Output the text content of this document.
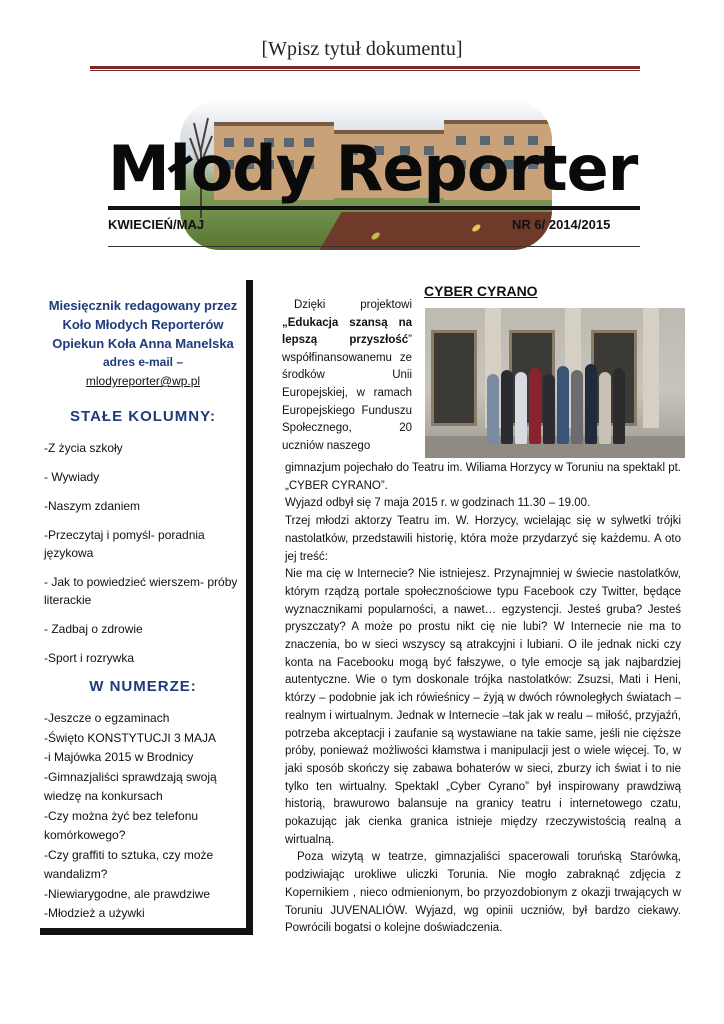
[Wpisz tytuł dokumentu]
Młody Reporter
KWIECIEŃ/MAJ	NR 6/ 2014/2015
Miesięcznik redagowany przez
Koło Młodych Reporterów
Opiekun Koła Anna Manelska
adres e-mail –
mlodyreporter@wp.pl
STAŁE KOLUMNY:
-Z życia szkoły
- Wywiady
-Naszym zdaniem
-Przeczytaj i pomyśl- poradnia językowa
- Jak to powiedzieć wierszem- próby literackie
- Zadbaj o zdrowie
-Sport i rozrywka
W NUMERZE:
-Jeszcze o egzaminach
-Święto KONSTYTUCJI 3 MAJA
-i Majówka 2015 w Brodnicy
-Gimnazjaliści sprawdzają swoją
wiedzę na konkursach
-Czy można żyć bez telefonu
komórkowego?
-Czy graffiti to sztuka, czy może
wandalizm?
-Niewiarygodne, ale prawdziwe
-Młodzież a używki
CYBER CYRANO

Dzięki projektowi „Edukacja szansą na lepszą przyszłość” współfinansowanemu ze środków Unii Europejskiej, w ramach Europejskiego Funduszu Społecznego, 20 uczniów naszego

gimnazjum pojechało do Teatru im. Wiliama Horzycy w Toruniu na spektakl pt. „CYBER CYRANO”.

Wyjazd odbył się 7 maja 2015 r. w godzinach 11.30 – 19.00.

Trzej młodzi aktorzy Teatru im. W. Horzycy, wcielając się w sylwetki trójki nastolatków, przedstawili historię, która może przydarzyć się każdemu. A oto jej treść:

Nie ma cię w Internecie? Nie istniejesz. Przynajmniej w świecie nastolatków, którym rządzą portale społecznościowe typu Facebook czy Twitter, będące wyznacznikami popularności, a nawet… egzystencji. Jesteś gruba? Jesteś pryszczaty? A może po prostu nikt cię nie lubi? W Internecie nie ma to znaczenia, bo w sieci wszyscy są atrakcyjni i lubiani. O ile jednak nicki czy konta na Facebooku mogą być fałszywe, o tyle emocje są jak najbardziej autentyczne. Wie o tym doskonale trójka nastolatków: Zsuzsi, Mati i Heni, którzy – podobnie jak ich rówieśnicy – żyją w dwóch równoległych światach – realnym i wirtualnym. Jednak w Internecie –tak jak w realu – miłość, przyjaźń, potrzeba akceptacji i zaufanie są wystawiane na takie same, jeśli nie cięższe próby, ponieważ możliwości kłamstwa i manipulacji jest o wiele więcej. To, w jaki sposób skończy się zabawa bohaterów w sieci, zburzy ich świat i to nie tylko ten wirtualny. Spektakl „Cyber Cyrano” był inspirowany prawdziwą historią, brawurowo balansuje na granicy teatru i internetowego czatu, pokazując jak cienka granica istnieje między rzeczywistością realną a wirtualną.

Poza wizytą w teatrze, gimnazjaliści spacerowali toruńską Starówką, podziwiając urokliwe uliczki Torunia. Nie mogło zabraknąć zdjęcia z Kopernikiem , nieco odmienionym, bo przyozdobionym z okazji trwających w Toruniu JUVENALIÓW. Wyjazd, wg opinii uczniów, był bardzo ciekawy. Powrócili bogatsi o kolejne doświadczenia.
